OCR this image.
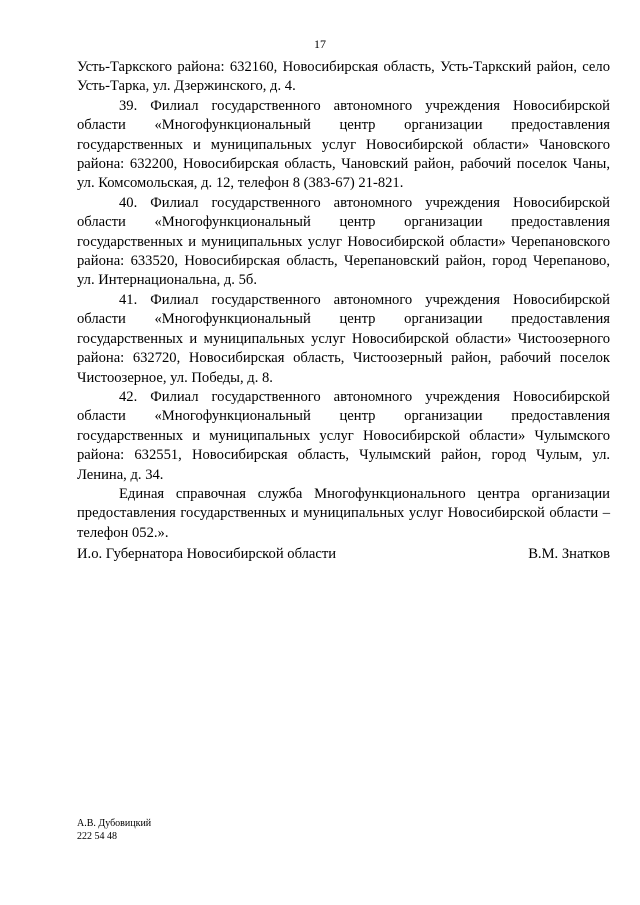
17

Усть-Таркского района: 632160, Новосибирская область, Усть-Таркский район, село Усть-Тарка, ул. Дзержинского, д. 4.

39. Филиал государственного автономного учреждения Новосибирской области «Многофункциональный центр организации предоставления государственных и муниципальных услуг Новосибирской области» Чановского района: 632200, Новосибирская область, Чановский район, рабочий поселок Чаны, ул. Комсомольская, д. 12, телефон 8 (383-67) 21-821.

40. Филиал государственного автономного учреждения Новосибирской области «Многофункциональный центр организации предоставления государственных и муниципальных услуг Новосибирской области» Черепановского района: 633520, Новосибирская область, Черепановский район, город Черепаново, ул. Интернациональна, д. 5б.

41. Филиал государственного автономного учреждения Новосибирской области «Многофункциональный центр организации предоставления государственных и муниципальных услуг Новосибирской области» Чистоозерного района: 632720, Новосибирская область, Чистоозерный район, рабочий поселок Чистоозерное, ул. Победы, д. 8.

42. Филиал государственного автономного учреждения Новосибирской области «Многофункциональный центр организации предоставления государственных и муниципальных услуг Новосибирской области» Чулымского района: 632551, Новосибирская область, Чулымский район, город Чулым, ул. Ленина, д. 34.

Единая справочная служба Многофункционального центра организации предоставления государственных и муниципальных услуг Новосибирской области – телефон 052.».

И.о. Губернатора Новосибирской области	В.М. Знатков
А.В. Дубовицкий
222 54 48
